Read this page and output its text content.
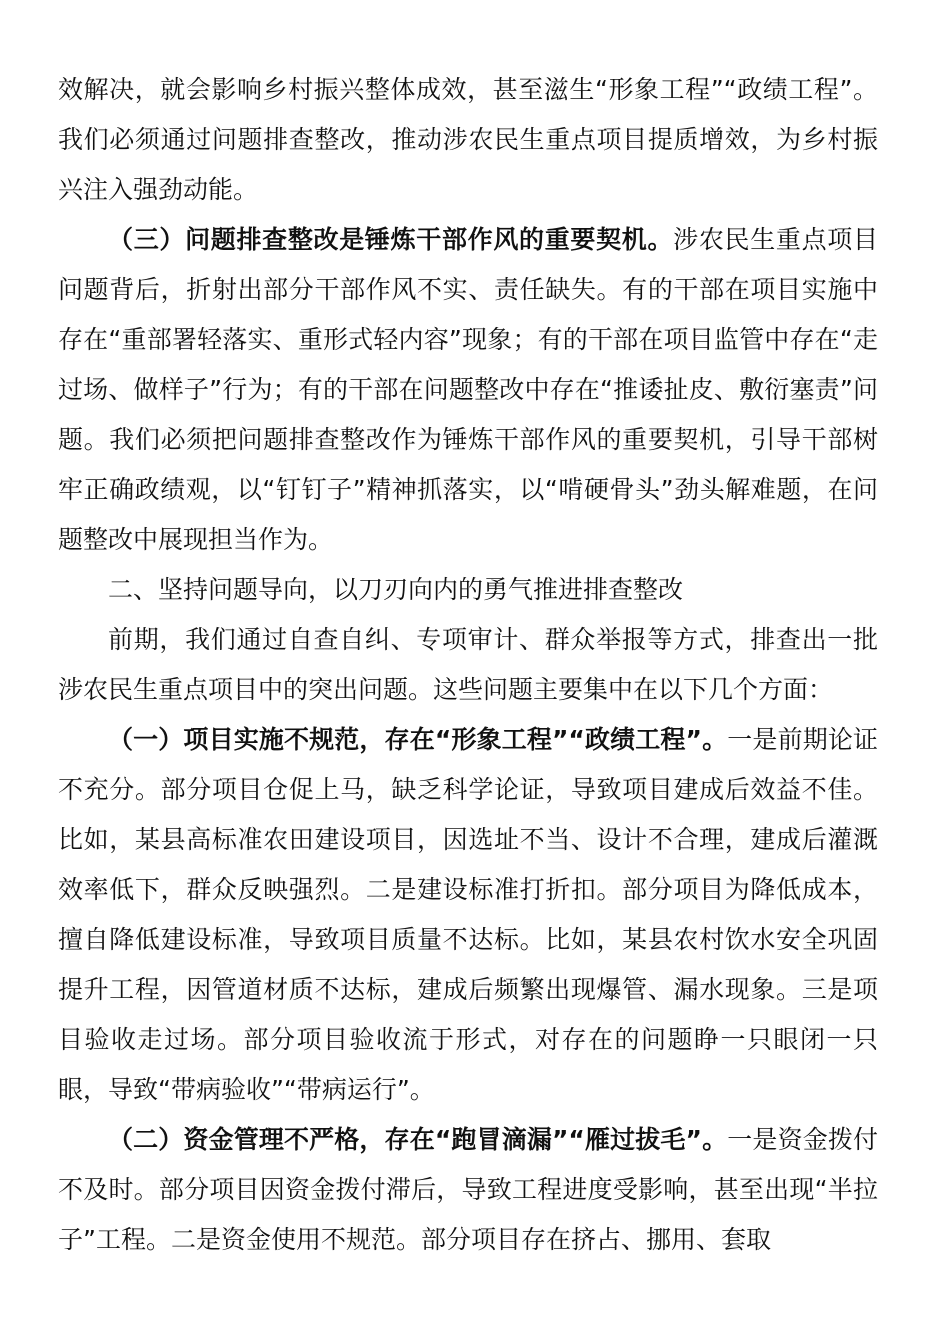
效解决，就会影响乡村振兴整体成效，甚至滋生“形象工程”“政绩工程”。我们必须通过问题排查整改，推动涉农民生重点项目提质增效，为乡村振兴注入强劲动能。

（三）问题排查整改是锤炼干部作风的重要契机。涉农民生重点项目问题背后，折射出部分干部作风不实、责任缺失。有的干部在项目实施中存在“重部署轻落实、重形式轻内容”现象；有的干部在项目监管中存在“走过场、做样子”行为；有的干部在问题整改中存在“推诿扯皮、敷衍塞责”问题。我们必须把问题排查整改作为锤炼干部作风的重要契机，引导干部树牢正确政绩观，以“钉钉子”精神抓落实，以“啃硬骨头”劲头解难题，在问题整改中展现担当作为。

二、坚持问题导向，以刀刃向内的勇气推进排查整改

前期，我们通过自查自纠、专项审计、群众举报等方式，排查出一批涉农民生重点项目中的突出问题。这些问题主要集中在以下几个方面：

（一）项目实施不规范，存在“形象工程”“政绩工程”。一是前期论证不充分。部分项目仓促上马，缺乏科学论证，导致项目建成后效益不佳。比如，某县高标准农田建设项目，因选址不当、设计不合理，建成后灌溉效率低下，群众反映强烈。二是建设标准打折扣。部分项目为降低成本，擅自降低建设标准，导致项目质量不达标。比如，某县农村饮水安全巩固提升工程，因管道材质不达标，建成后频繁出现爆管、漏水现象。三是项目验收走过场。部分项目验收流于形式，对存在的问题睁一只眼闭一只眼，导致“带病验收”“带病运行”。

（二）资金管理不严格，存在“跑冒滴漏”“雁过拔毛”。一是资金拨付不及时。部分项目因资金拨付滞后，导致工程进度受影响，甚至出现“半拉子”工程。二是资金使用不规范。部分项目存在挤占、挪用、套取
